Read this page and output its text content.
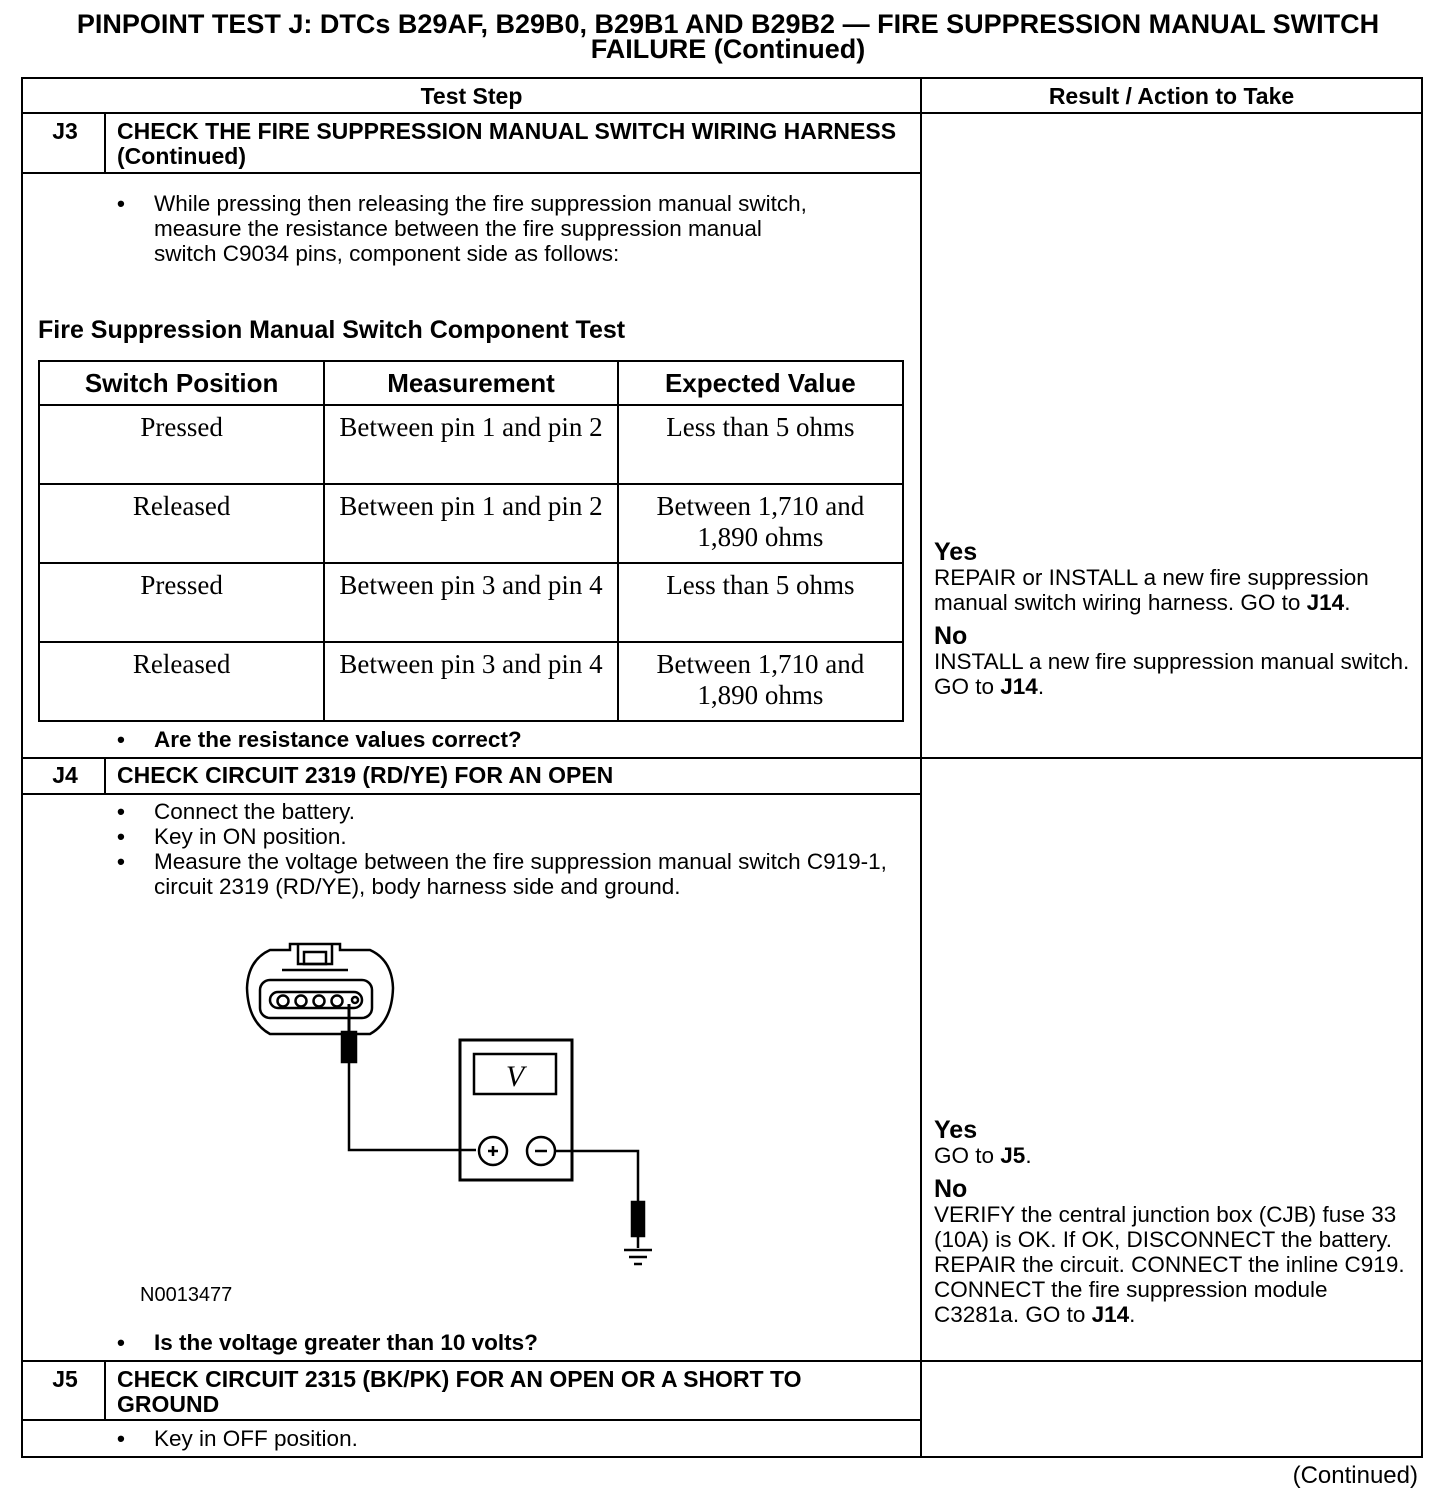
PINPOINT TEST J: DTCs B29AF, B29B0, B29B1 AND B29B2 — FIRE SUPPRESSION MANUAL SWITCH
FAILURE (Continued)
Test Step	Result / Action to Take
J3	CHECK THE FIRE SUPPRESSION MANUAL SWITCH WIRING HARNESS (Continued)
• While pressing then releasing the fire suppression manual switch, measure the resistance between the fire suppression manual switch C9034 pins, component side as follows:
Fire Suppression Manual Switch Component Test
Switch Position	Measurement	Expected Value
Pressed	Between pin 1 and pin 2	Less than 5 ohms
Released	Between pin 1 and pin 2	Between 1,710 and 1,890 ohms
Pressed	Between pin 3 and pin 4	Less than 5 ohms
Released	Between pin 3 and pin 4	Between 1,710 and 1,890 ohms
• Are the resistance values correct?
Yes
REPAIR or INSTALL a new fire suppression manual switch wiring harness. GO to J14.
No
INSTALL a new fire suppression manual switch. GO to J14.
J4	CHECK CIRCUIT 2319 (RD/YE) FOR AN OPEN
• Connect the battery.
• Key in ON position.
• Measure the voltage between the fire suppression manual switch C919-1, circuit 2319 (RD/YE), body harness side and ground.
V
N0013477
• Is the voltage greater than 10 volts?
Yes
GO to J5.
No
VERIFY the central junction box (CJB) fuse 33 (10A) is OK. If OK, DISCONNECT the battery. REPAIR the circuit. CONNECT the inline C919. CONNECT the fire suppression module C3281a. GO to J14.
J5	CHECK CIRCUIT 2315 (BK/PK) FOR AN OPEN OR A SHORT TO GROUND
• Key in OFF position.
(Continued)
